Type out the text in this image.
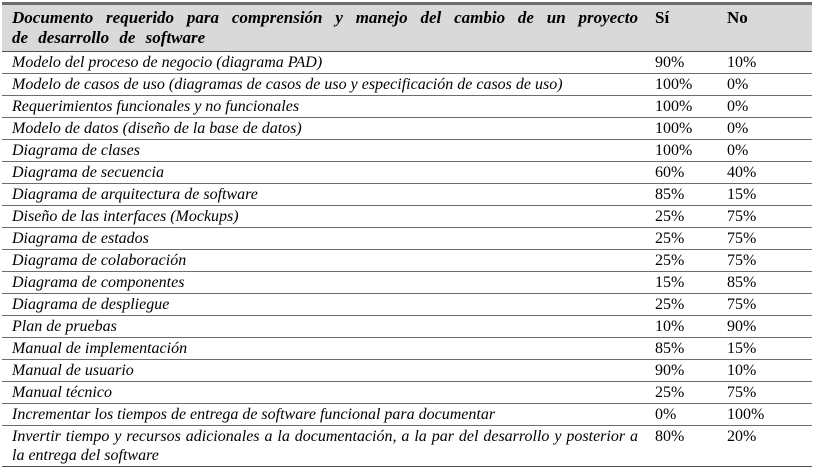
Documento requerido para comprensión y manejo del cambio de un proyecto de desarrollo de software	Sí	No
Modelo del proceso de negocio (diagrama PAD)	90%	10%
Modelo de casos de uso (diagramas de casos de uso y especificación de casos de uso)	100%	0%
Requerimientos funcionales y no funcionales	100%	0%
Modelo de datos (diseño de la base de datos)	100%	0%
Diagrama de clases	100%	0%
Diagrama de secuencia	60%	40%
Diagrama de arquitectura de software	85%	15%
Diseño de las interfaces (Mockups)	25%	75%
Diagrama de estados	25%	75%
Diagrama de colaboración	25%	75%
Diagrama de componentes	15%	85%
Diagrama de despliegue	25%	75%
Plan de pruebas	10%	90%
Manual de implementación	85%	15%
Manual de usuario	90%	10%
Manual técnico	25%	75%
Incrementar los tiempos de entrega de software funcional para documentar	0%	100%
Invertir tiempo y recursos adicionales a la documentación, a la par del desarrollo y posterior a la entrega del software	80%	20%
